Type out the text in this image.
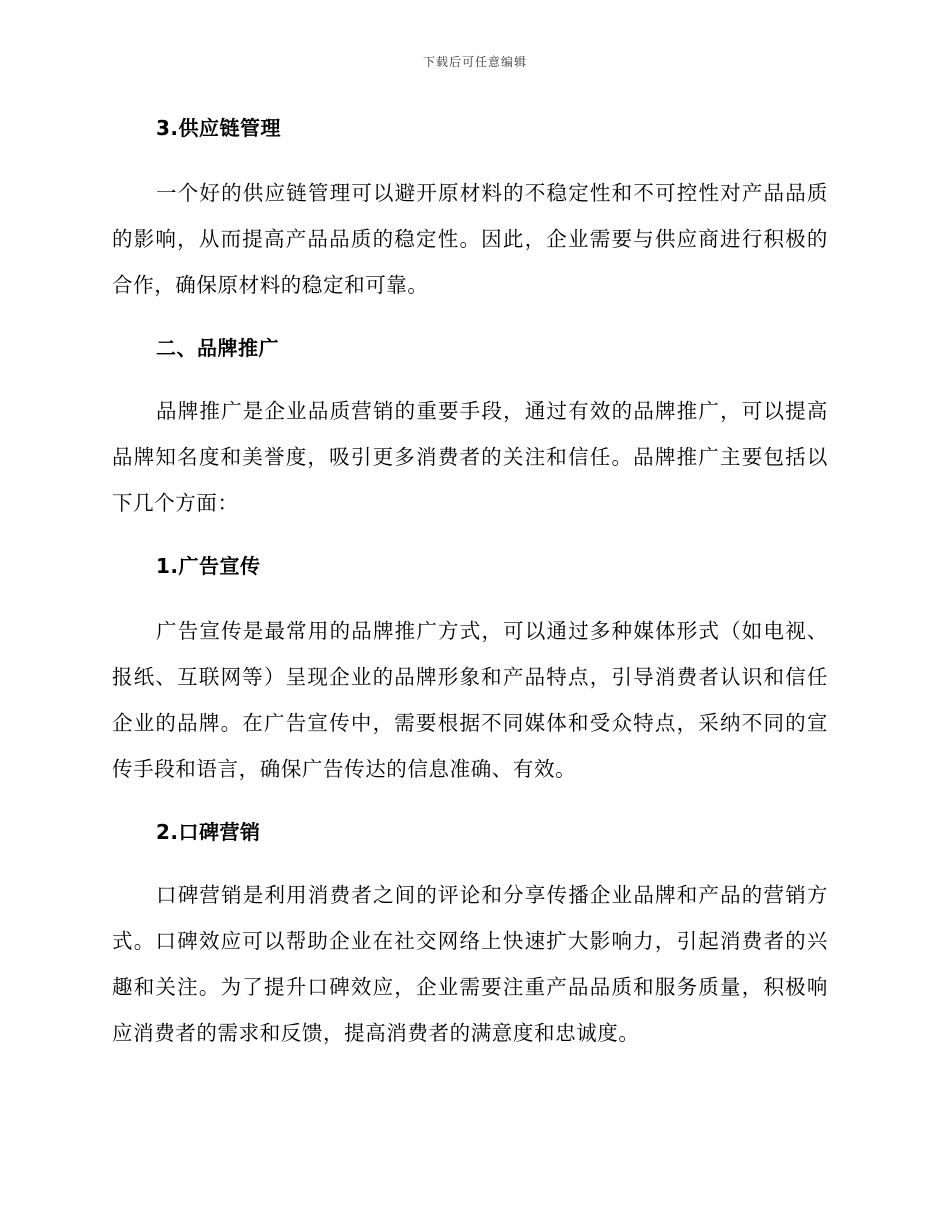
下载后可任意编辑
3.供应链管理

一个好的供应链管理可以避开原材料的不稳定性和不可控性对产品品质的影响，从而提高产品品质的稳定性。因此，企业需要与供应商进行积极的合作，确保原材料的稳定和可靠。

二、品牌推广

品牌推广是企业品质营销的重要手段，通过有效的品牌推广，可以提高品牌知名度和美誉度，吸引更多消费者的关注和信任。品牌推广主要包括以下几个方面：

1.广告宣传

广告宣传是最常用的品牌推广方式，可以通过多种媒体形式（如电视、报纸、互联网等）呈现企业的品牌形象和产品特点，引导消费者认识和信任企业的品牌。在广告宣传中，需要根据不同媒体和受众特点，采纳不同的宣传手段和语言，确保广告传达的信息准确、有效。

2.口碑营销

口碑营销是利用消费者之间的评论和分享传播企业品牌和产品的营销方式。口碑效应可以帮助企业在社交网络上快速扩大影响力，引起消费者的兴趣和关注。为了提升口碑效应，企业需要注重产品品质和服务质量，积极响应消费者的需求和反馈，提高消费者的满意度和忠诚度。
